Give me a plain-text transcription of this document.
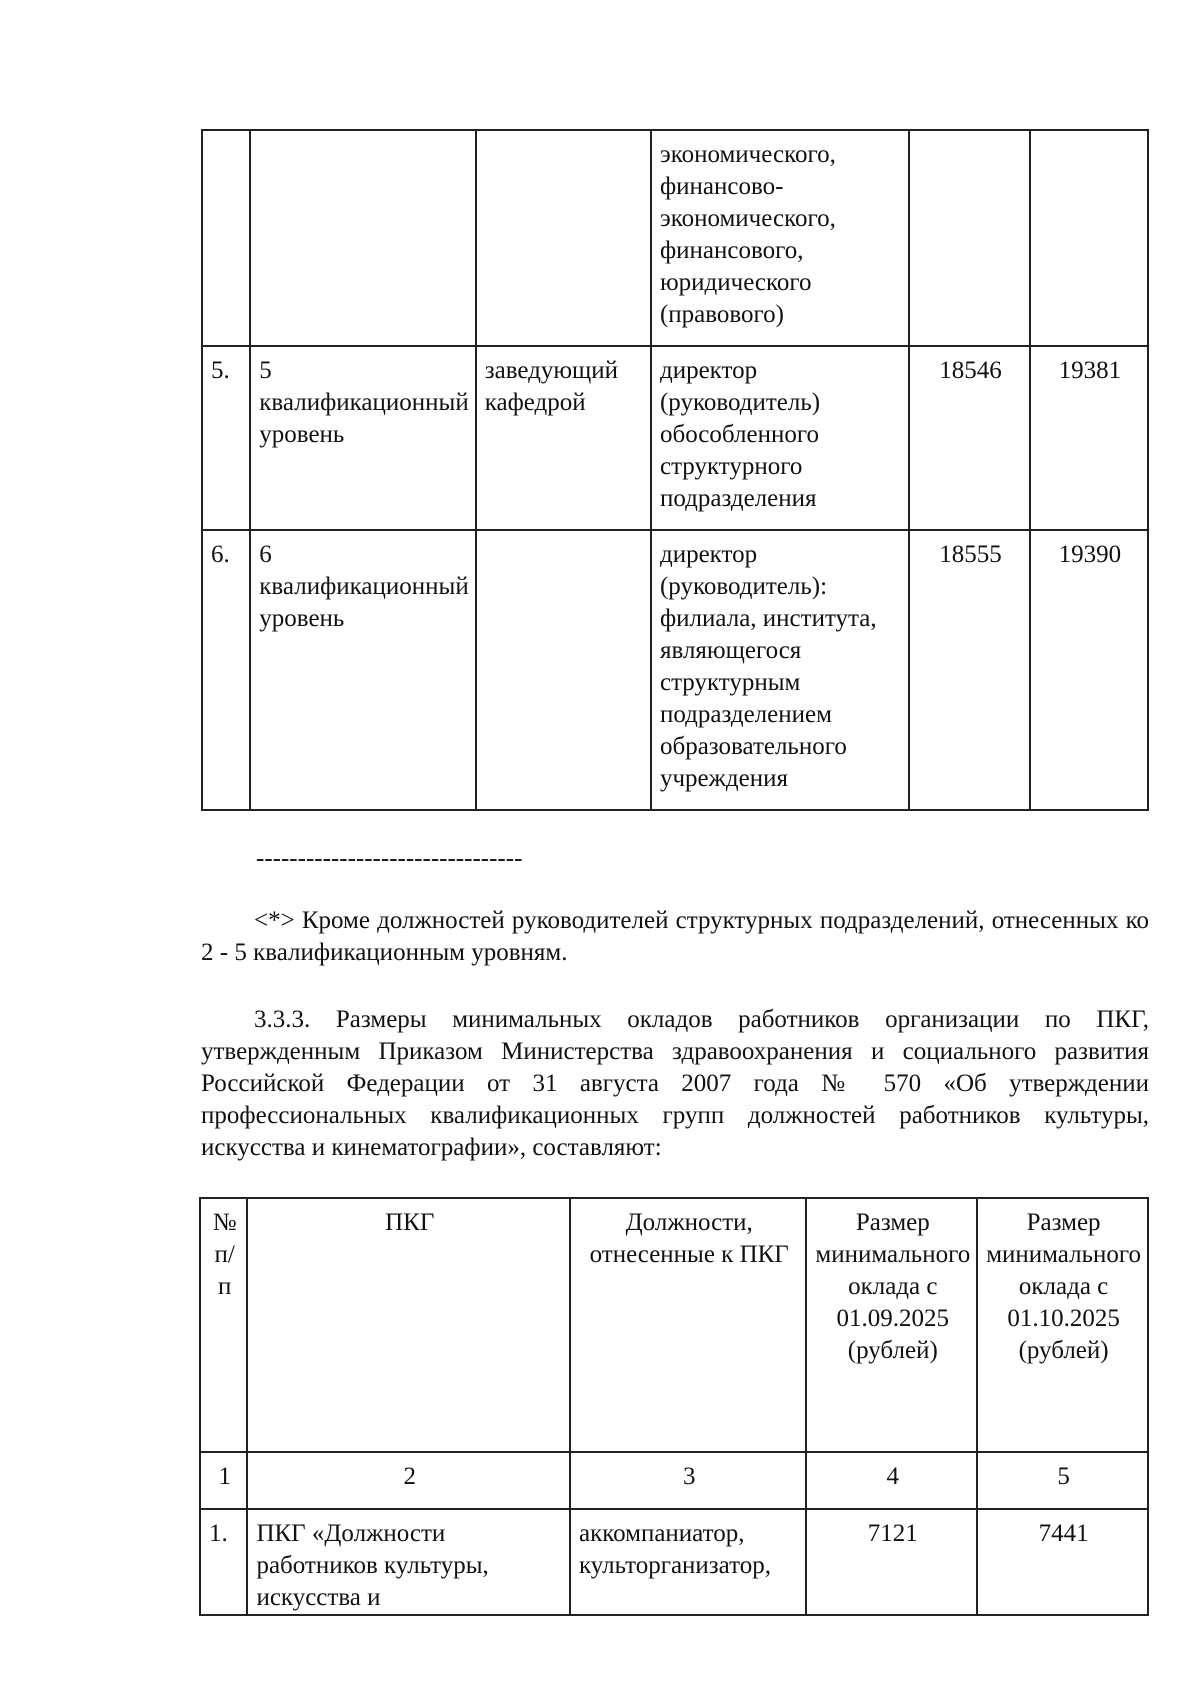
			экономического, финансово-экономического, финансового, юридического (правового)		
5.	5 квалификационный уровень	заведующий кафедрой	директор (руководитель) обособленного структурного подразделения	18546	19381
6.	6 квалификационный уровень		директор (руководитель): филиала, института, являющегося структурным подразделением образовательного учреждения	18555	19390
--------------------------------

<*> Кроме должностей руководителей структурных подразделений, отнесенных ко 2 - 5 квалификационным уровням.

3.3.3. Размеры минимальных окладов работников организации по ПКГ, утвержденным Приказом Министерства здравоохранения и социального развития Российской Федерации от 31 августа 2007 года № 570 «Об утверждении профессиональных квалификационных групп должностей работников культуры, искусства и кинематографии», составляют:

№ п/п	ПКГ	Должности, отнесенные к ПКГ	Размер минимального оклада с 01.09.2025 (рублей)	Размер минимального оклада с 01.10.2025 (рублей)
1	2	3	4	5
1.	ПКГ «Должности работников культуры, искусства и	аккомпаниатор, культорганизатор,	7121	7441
